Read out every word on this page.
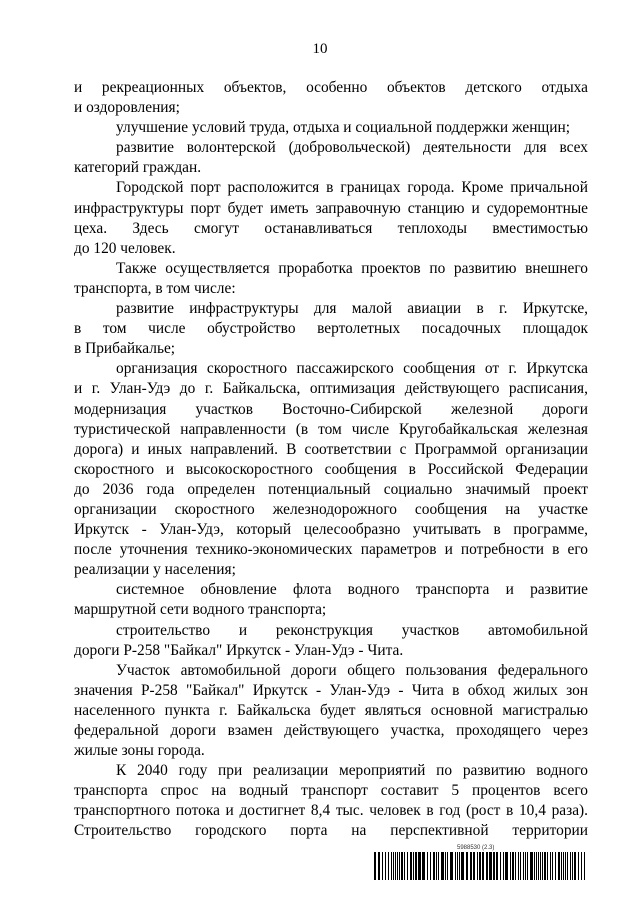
10

и рекреационных объектов, особенно объектов детского отдыха

и оздоровления;

улучшение условий труда, отдыха и социальной поддержки женщин;

развитие волонтерской (добровольческой) деятельности для всех

категорий граждан.

Городской порт расположится в границах города. Кроме причальной

инфраструктуры порт будет иметь заправочную станцию и судоремонтные

цеха. Здесь смогут останавливаться теплоходы вместимостью

до 120 человек.

Также осуществляется проработка проектов по развитию внешнего

транспорта, в том числе:

развитие инфраструктуры для малой авиации в г. Иркутске,

в том числе обустройство вертолетных посадочных площадок

в Прибайкалье;

организация скоростного пассажирского сообщения от г. Иркутска

и г. Улан-Удэ до г. Байкальска, оптимизация действующего расписания,

модернизация участков Восточно-Сибирской железной дороги

туристической направленности (в том числе Кругобайкальская железная

дорога) и иных направлений. В соответствии с Программой организации

скоростного и высокоскоростного сообщения в Российской Федерации

до 2036 года определен потенциальный социально значимый проект

организации скоростного железнодорожного сообщения на участке

Иркутск - Улан-Удэ, который целесообразно учитывать в программе,

после уточнения технико-экономических параметров и потребности в его

реализации у населения;

системное обновление флота водного транспорта и развитие

маршрутной сети водного транспорта;

строительство и реконструкция участков автомобильной

дороги Р-258 "Байкал" Иркутск - Улан-Удэ - Чита.

Участок автомобильной дороги общего пользования федерального

значения Р-258 "Байкал" Иркутск - Улан-Удэ - Чита в обход жилых зон

населенного пункта г. Байкальска будет являться основной магистралью

федеральной дороги взамен действующего участка, проходящего через

жилые зоны города.

К 2040 году при реализации мероприятий по развитию водного

транспорта спрос на водный транспорт составит 5 процентов всего

транспортного потока и достигнет 8,4 тыс. человек в год (рост в 10,4 раза).

Строительство городского порта на перспективной территории

5988530 (2.3)
